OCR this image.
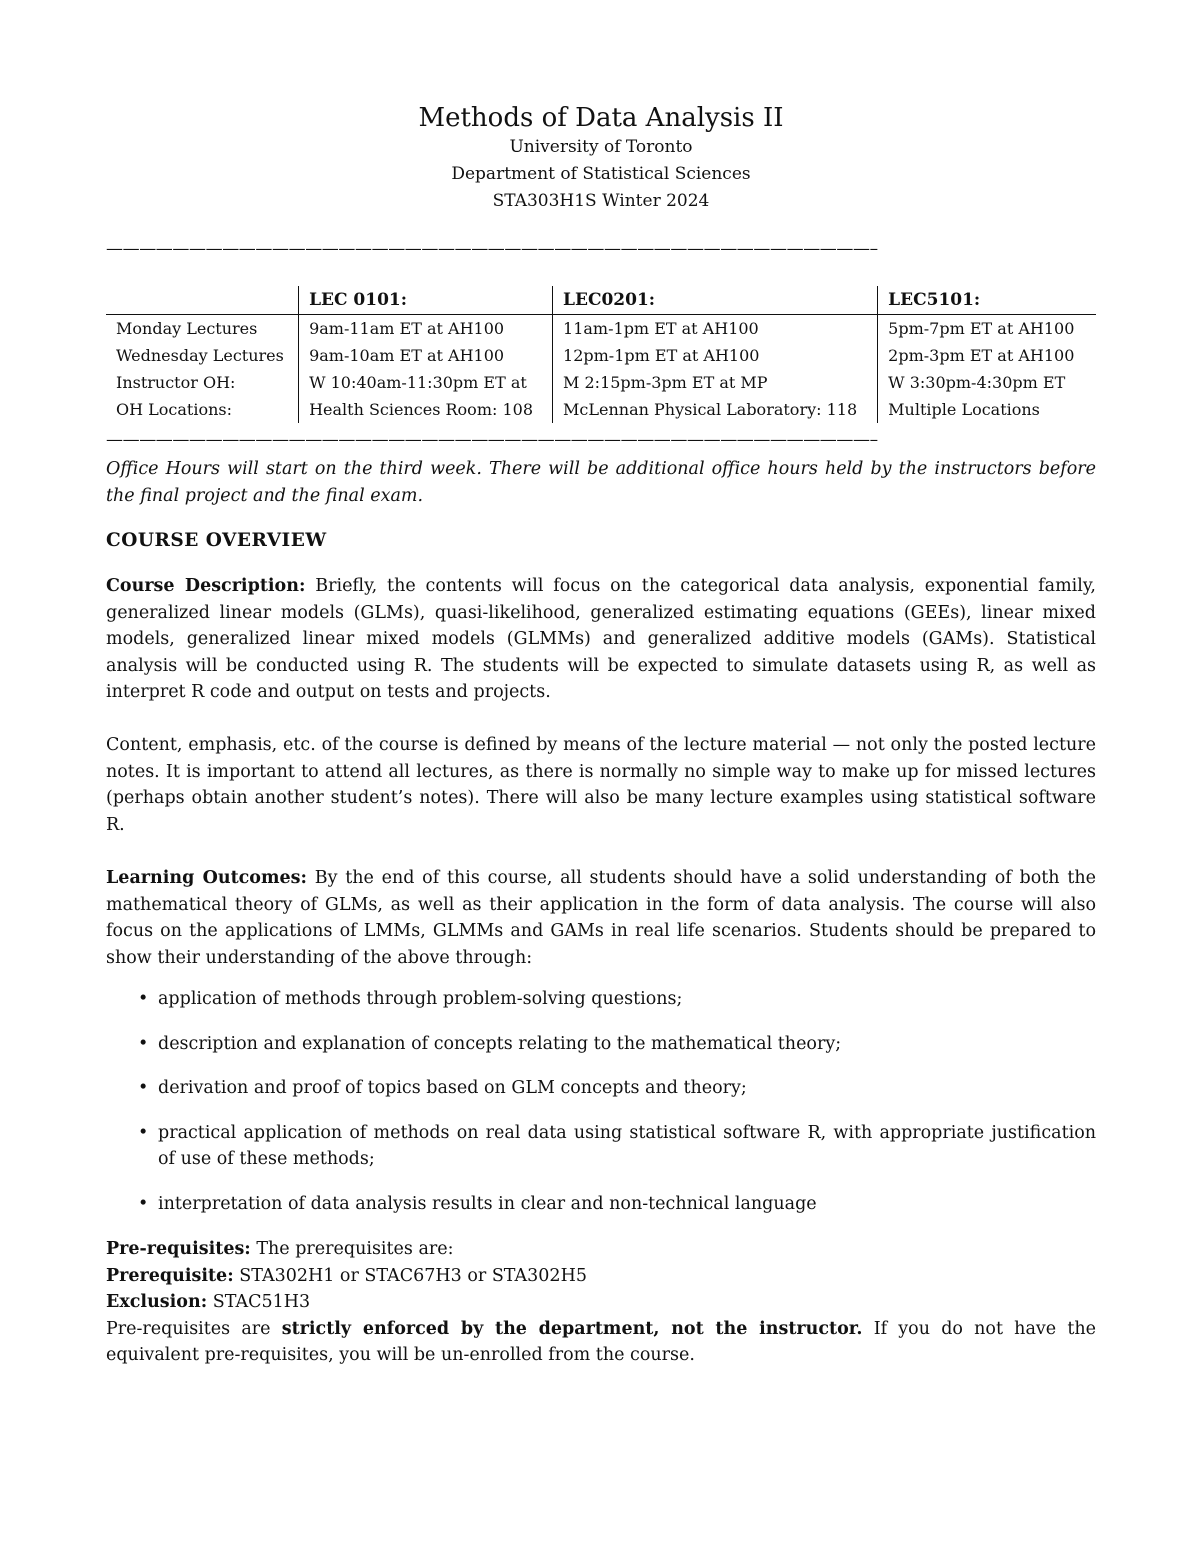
Methods of Data Analysis II
University of Toronto
Department of Statistical Sciences
STA303H1S Winter 2024
——————————————————————————————————————————————–
	LEC 0101:	LEC0201:	LEC5101:
Monday Lectures	9am-11am ET at AH100	11am-1pm ET at AH100	5pm-7pm ET at AH100
Wednesday Lectures	9am-10am ET at AH100	12pm-1pm ET at AH100	2pm-3pm ET at AH100
Instructor OH:	W 10:40am-11:30pm ET at	M 2:15pm-3pm ET at MP	W 3:30pm-4:30pm ET
OH Locations:	Health Sciences Room: 108	McLennan Physical Laboratory: 118	Multiple Locations
——————————————————————————————————————————————–
Office Hours will start on the third week. There will be additional office hours held by the instructors before the final project and the final exam.
COURSE OVERVIEW
Course Description: Briefly, the contents will focus on the categorical data analysis, exponential family, generalized linear models (GLMs), quasi-likelihood, generalized estimating equations (GEEs), linear mixed models, generalized linear mixed models (GLMMs) and generalized additive models (GAMs). Statistical analysis will be conducted using R. The students will be expected to simulate datasets using R, as well as interpret R code and output on tests and projects.
Content, emphasis, etc. of the course is defined by means of the lecture material — not only the posted lecture notes. It is important to attend all lectures, as there is normally no simple way to make up for missed lectures (perhaps obtain another student’s notes). There will also be many lecture examples using statistical software R.
Learning Outcomes: By the end of this course, all students should have a solid understanding of both the mathematical theory of GLMs, as well as their application in the form of data analysis. The course will also focus on the applications of LMMs, GLMMs and GAMs in real life scenarios. Students should be prepared to show their understanding of the above through:
• application of methods through problem-solving questions;
• description and explanation of concepts relating to the mathematical theory;
• derivation and proof of topics based on GLM concepts and theory;
• practical application of methods on real data using statistical software R, with appropriate justification of use of these methods;
• interpretation of data analysis results in clear and non-technical language
Pre-requisites: The prerequisites are:
Prerequisite: STA302H1 or STAC67H3 or STA302H5
Exclusion: STAC51H3
Pre-requisites are strictly enforced by the department, not the instructor. If you do not have the equivalent pre-requisites, you will be un-enrolled from the course.
